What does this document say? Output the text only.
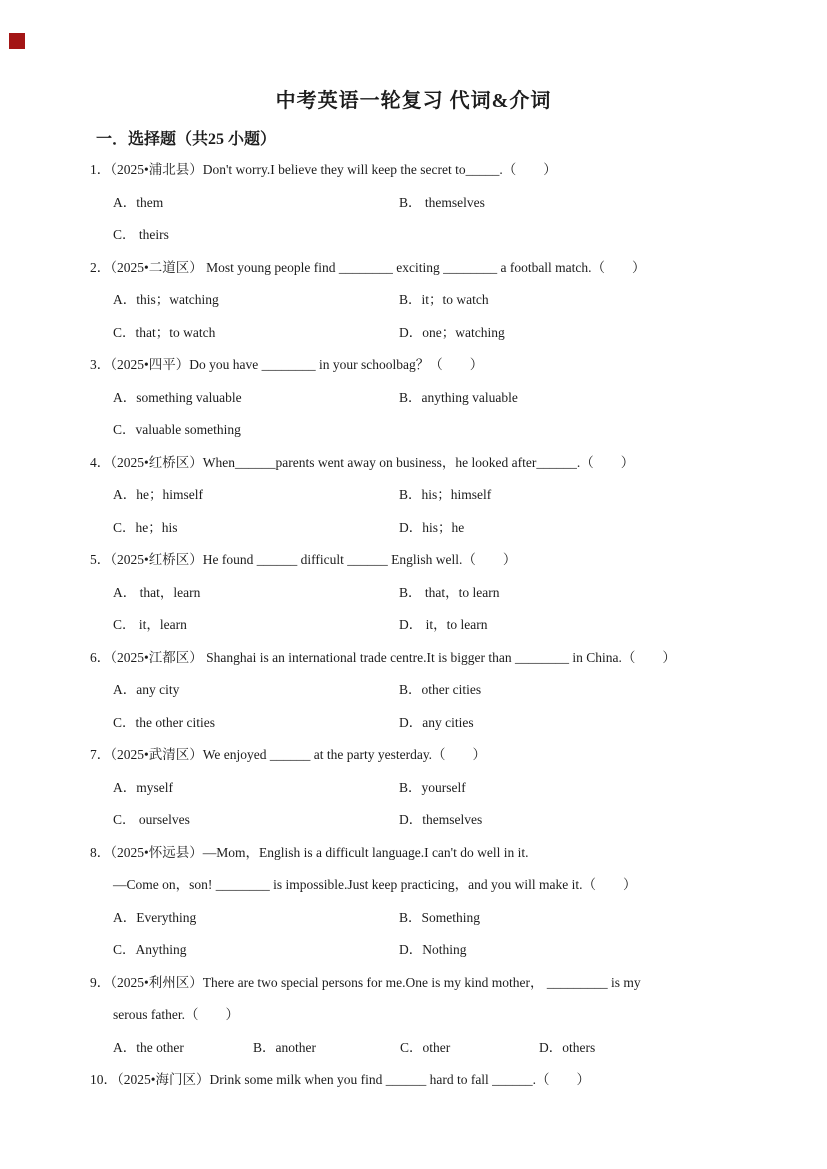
中考英语一轮复习 代词&介词
一．选择题（共25 小题）
1．（2025•浦北县）Don't worry.I believe they will keep the secret to_____.（　　）
A．them	B． themselves
C． theirs
2．（2025•二道区） Most young people find ________ exciting ________ a football match.（　　）
A．this；watching	B．it；to watch
C．that；to watch	D．one；watching
3．（2025•四平）Do you have ________ in your schoolbag？（　　）
A．something valuable	B．anything valuable
C．valuable something
4．（2025•红桥区）When______parents went away on business，he looked after______.（　　）
A．he；himself	B．his；himself
C．he；his	D．his；he
5．（2025•红桥区）He found ______ difficult ______ English well.（　　）
A． that，learn	B． that，to learn
C． it，learn	D． it，to learn
6．（2025•江都区） Shanghai is an international trade centre.It is bigger than ________ in China.（　　）
A．any city	B．other cities
C．the other cities	D．any cities
7．（2025•武清区）We enjoyed ______ at the party yesterday.（　　）
A．myself	B．yourself
C． ourselves	D．themselves
8．（2025•怀远县）—Mom，English is a difficult language.I can't do well in it.
—Come on，son! ________ is impossible.Just keep practicing，and you will make it.（　　）
A．Everything	B．Something
C．Anything	D．Nothing
9．（2025•利州区）There are two special persons for me.One is my kind mother， _________ is my
serous father.（　　）
A．the other	B．another	C．other	D．others
10．（2025•海门区）Drink some milk when you find ______ hard to fall ______.（　　）
